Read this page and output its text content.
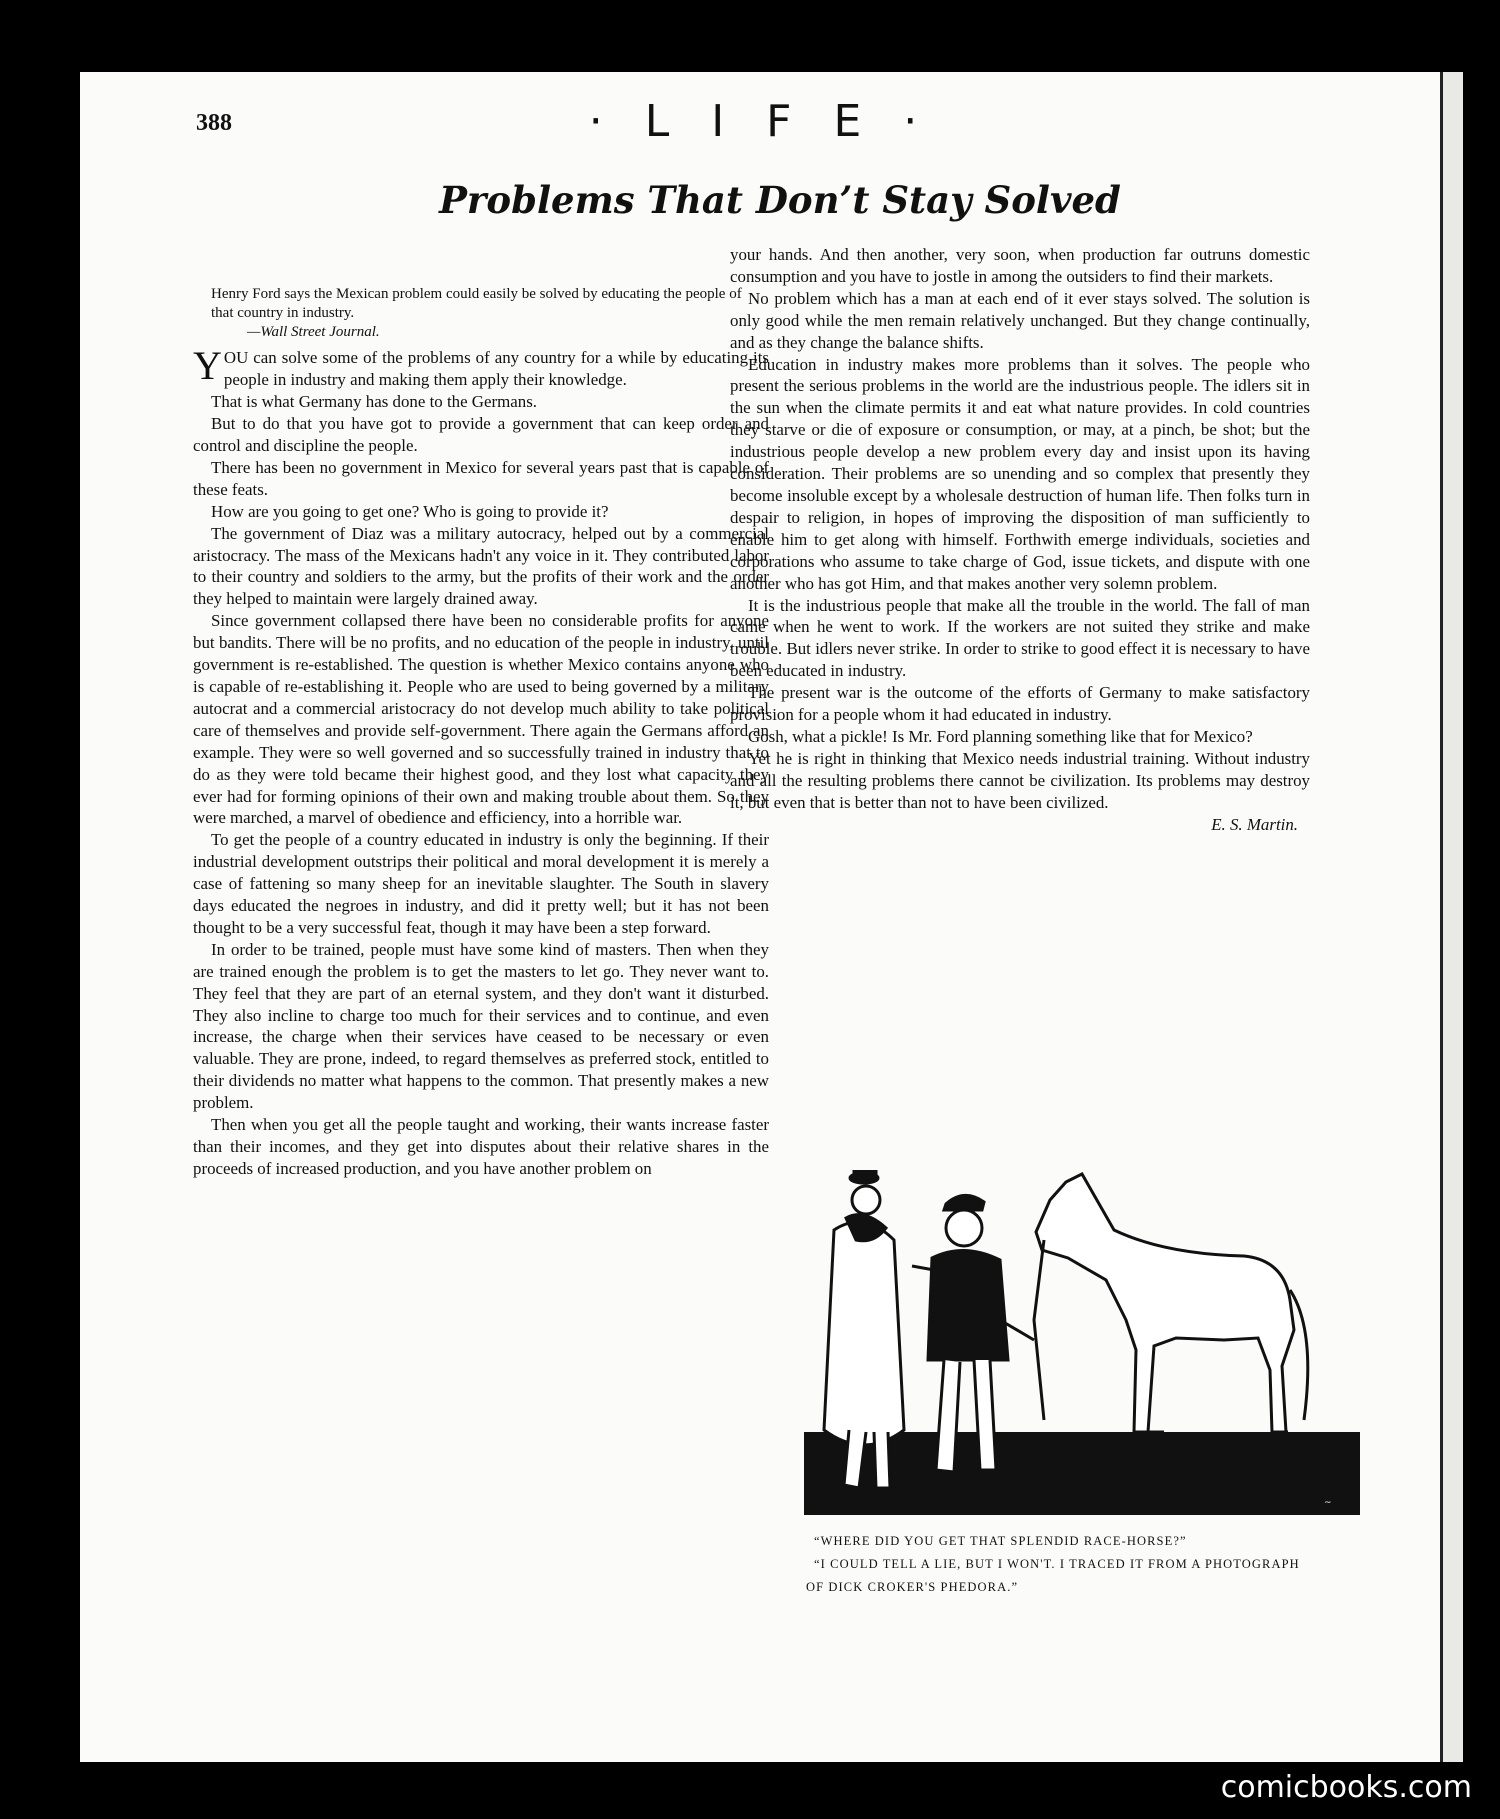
388	· L I F E ·
Problems That Don’t Stay Solved
Henry Ford says the Mexican problem could easily be solved by educating the people of that country in industry.
—Wall Street Journal.

YOU can solve some of the problems of any country for a while by educating its people in industry and making them apply their knowledge.

That is what Germany has done to the Germans.

But to do that you have got to provide a government that can keep order and control and discipline the people.

There has been no government in Mexico for several years past that is capable of these feats.

How are you going to get one? Who is going to provide it?

The government of Diaz was a military autocracy, helped out by a commercial aristocracy. The mass of the Mexicans hadn't any voice in it. They contributed labor to their country and soldiers to the army, but the profits of their work and the order they helped to maintain were largely drained away.

Since government collapsed there have been no considerable profits for anyone but bandits. There will be no profits, and no education of the people in industry, until government is re-established. The question is whether Mexico contains anyone who is capable of re-establishing it. People who are used to being governed by a military autocrat and a commercial aristocracy do not develop much ability to take political care of themselves and provide self-government. There again the Germans afford an example. They were so well governed and so successfully trained in industry that to do as they were told became their highest good, and they lost what capacity they ever had for forming opinions of their own and making trouble about them. So they were marched, a marvel of obedience and efficiency, into a horrible war.

To get the people of a country educated in industry is only the beginning. If their industrial development outstrips their political and moral development it is merely a case of fattening so many sheep for an inevitable slaughter. The South in slavery days educated the negroes in industry, and did it pretty well; but it has not been thought to be a very successful feat, though it may have been a step forward.

In order to be trained, people must have some kind of masters. Then when they are trained enough the problem is to get the masters to let go. They never want to. They feel that they are part of an eternal system, and they don't want it disturbed. They also incline to charge too much for their services and to continue, and even increase, the charge when their services have ceased to be necessary or even valuable. They are prone, indeed, to regard themselves as preferred stock, entitled to their dividends no matter what happens to the common. That presently makes a new problem.

Then when you get all the people taught and working, their wants increase faster than their incomes, and they get into disputes about their relative shares in the proceeds of increased production, and you have another problem on

your hands. And then another, very soon, when production far outruns domestic consumption and you have to jostle in among the outsiders to find their markets.

No problem which has a man at each end of it ever stays solved. The solution is only good while the men remain relatively unchanged. But they change continually, and as they change the balance shifts.

Education in industry makes more problems than it solves. The people who present the serious problems in the world are the industrious people. The idlers sit in the sun when the climate permits it and eat what nature provides. In cold countries they starve or die of exposure or consumption, or may, at a pinch, be shot; but the industrious people develop a new problem every day and insist upon its having consideration. Their problems are so unending and so complex that presently they become insoluble except by a wholesale destruction of human life. Then folks turn in despair to religion, in hopes of improving the disposition of man sufficiently to enable him to get along with himself. Forthwith emerge individuals, societies and corporations who assume to take charge of God, issue tickets, and dispute with one another who has got Him, and that makes another very solemn problem.

It is the industrious people that make all the trouble in the world. The fall of man came when he went to work. If the workers are not suited they strike and make trouble. But idlers never strike. In order to strike to good effect it is necessary to have been educated in industry.

The present war is the outcome of the efforts of Germany to make satisfactory provision for a people whom it had educated in industry.

Gosh, what a pickle! Is Mr. Ford planning something like that for Mexico?

Yet he is right in thinking that Mexico needs industrial training. Without industry and all the resulting problems there cannot be civilization. Its problems may destroy it, but even that is better than not to have been civilized.

E. S. Martin.
~
“WHERE DID YOU GET THAT SPLENDID RACE-HORSE?”
“I COULD TELL A LIE, BUT I WON'T. I TRACED IT FROM A PHOTOGRAPH OF DICK CROKER'S PHEDORA.”
comicbooks.com
